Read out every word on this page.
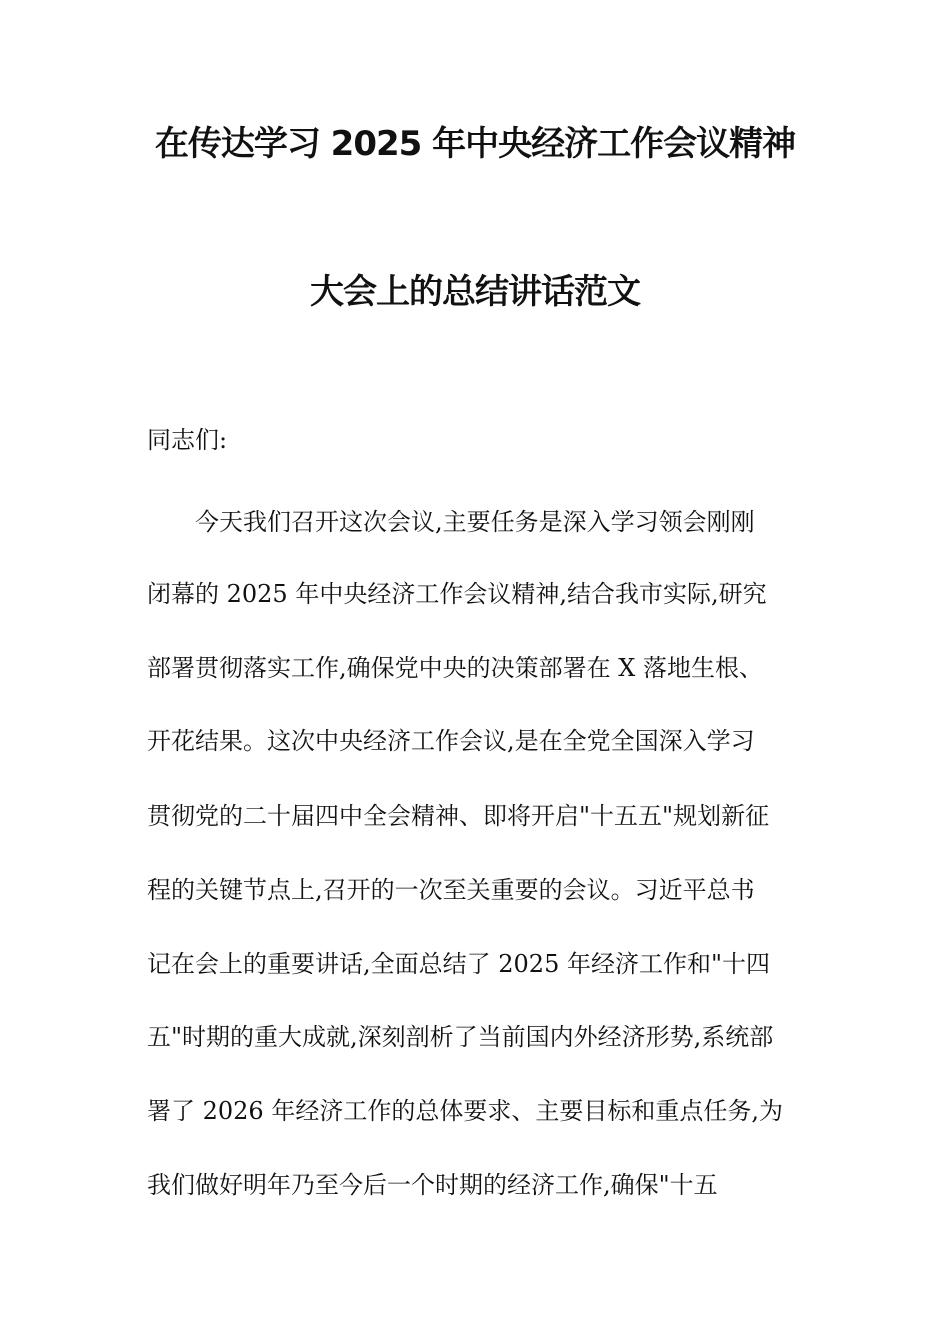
在传达学习 2025 年中央经济工作会议精神
大会上的总结讲话范文
同志们:
今天我们召开这次会议,主要任务是深入学习领会刚刚
闭幕的 2025 年中央经济工作会议精神,结合我市实际,研究
部署贯彻落实工作,确保党中央的决策部署在 X 落地生根、
开花结果。这次中央经济工作会议,是在全党全国深入学习
贯彻党的二十届四中全会精神、即将开启"十五五"规划新征
程的关键节点上,召开的一次至关重要的会议。习近平总书
记在会上的重要讲话,全面总结了 2025 年经济工作和"十四
五"时期的重大成就,深刻剖析了当前国内外经济形势,系统部
署了 2026 年经济工作的总体要求、主要目标和重点任务,为
我们做好明年乃至今后一个时期的经济工作,确保"十五
